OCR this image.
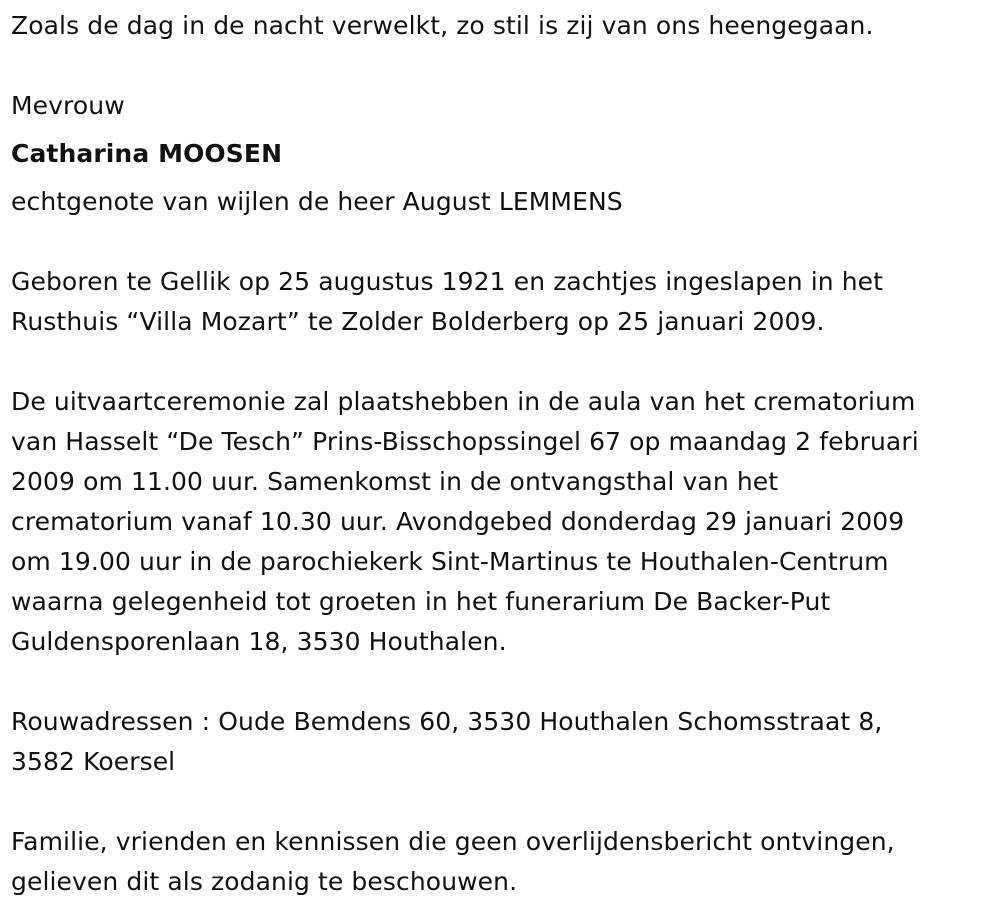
Zoals de dag in de nacht verwelkt, zo stil is zij van ons heengegaan.

Mevrouw

Catharina MOOSEN

echtgenote van wijlen de heer August LEMMENS

Geboren te Gellik op 25 augustus 1921 en zachtjes ingeslapen in het
Rusthuis “Villa Mozart” te Zolder Bolderberg op 25 januari 2009.

De uitvaartceremonie zal plaatshebben in de aula van het crematorium
van Hasselt “De Tesch” Prins-Bisschopssingel 67 op maandag 2 februari
2009 om 11.00 uur. Samenkomst in de ontvangsthal van het
crematorium vanaf 10.30 uur. Avondgebed donderdag 29 januari 2009
om 19.00 uur in de parochiekerk Sint-Martinus te Houthalen-Centrum
waarna gelegenheid tot groeten in het funerarium De Backer-Put
Guldensporenlaan 18, 3530 Houthalen.

Rouwadressen : Oude Bemdens 60, 3530 Houthalen Schomsstraat 8,
3582 Koersel

Familie, vrienden en kennissen die geen overlijdensbericht ontvingen,
gelieven dit als zodanig te beschouwen.
